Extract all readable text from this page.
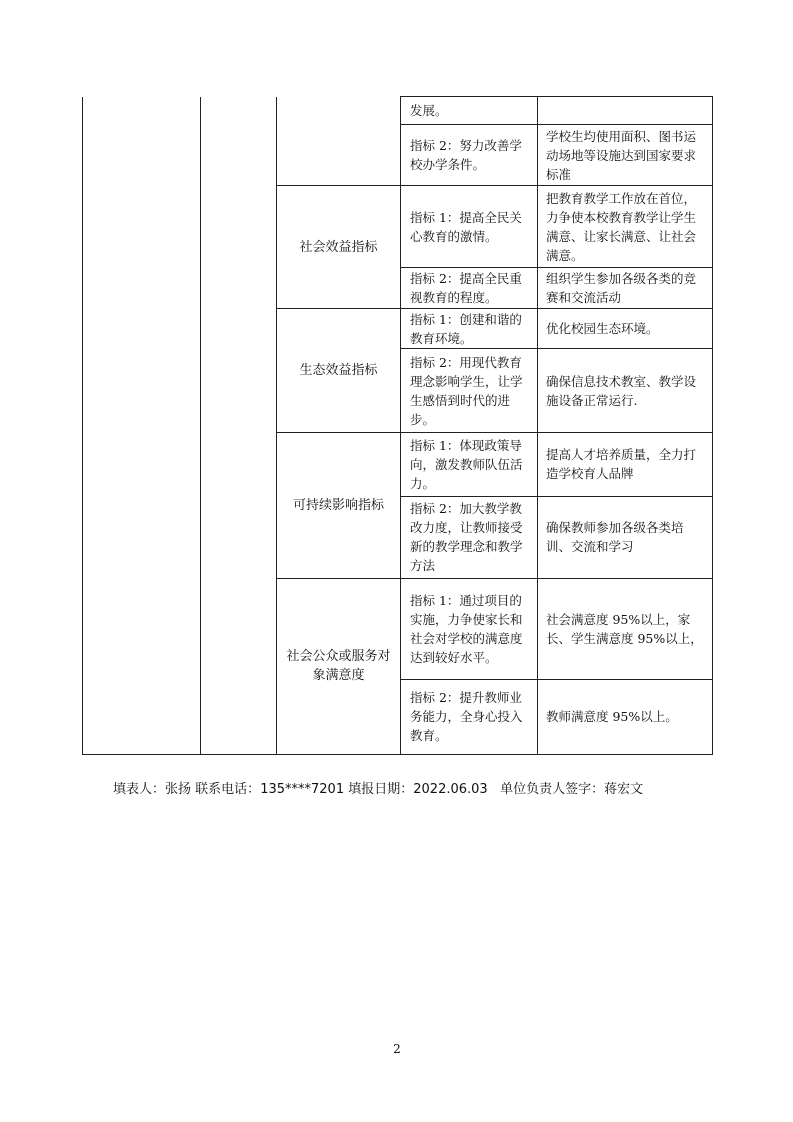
			发展。	
			指标 2：努力改善学校办学条件。	学校生均使用面积、图书运动场地等设施达到国家要求标准
		社会效益指标	指标 1：提高全民关心教育的激情。	把教育教学工作放在首位，力争使本校教育教学让学生满意、让家长满意、让社会满意。
			指标 2：提高全民重视教育的程度。	组织学生参加各级各类的竞赛和交流活动
		生态效益指标	指标 1：创建和谐的教育环境。	优化校园生态环境。
			指标 2：用现代教育理念影响学生，让学生感悟到时代的进步。	确保信息技术教室、教学设施设备正常运行.
		可持续影响指标	指标 1：体现政策导向，激发教师队伍活力。	提高人才培养质量，全力打造学校育人品牌
			指标 2：加大教学教改力度，让教师接受新的教学理念和教学方法	确保教师参加各级各类培训、交流和学习
		社会公众或服务对象满意度	指标 1：通过项目的实施，力争使家长和社会对学校的满意度达到较好水平。	社会满意度 95%以上，家长、学生满意度 95%以上，
			指标 2：提升教师业务能力，全身心投入教育。	教师满意度 95%以上。
填表人：张扬 联系电话：135****7201 填报日期：2022.06.03 单位负责人签字：蒋宏文
2
